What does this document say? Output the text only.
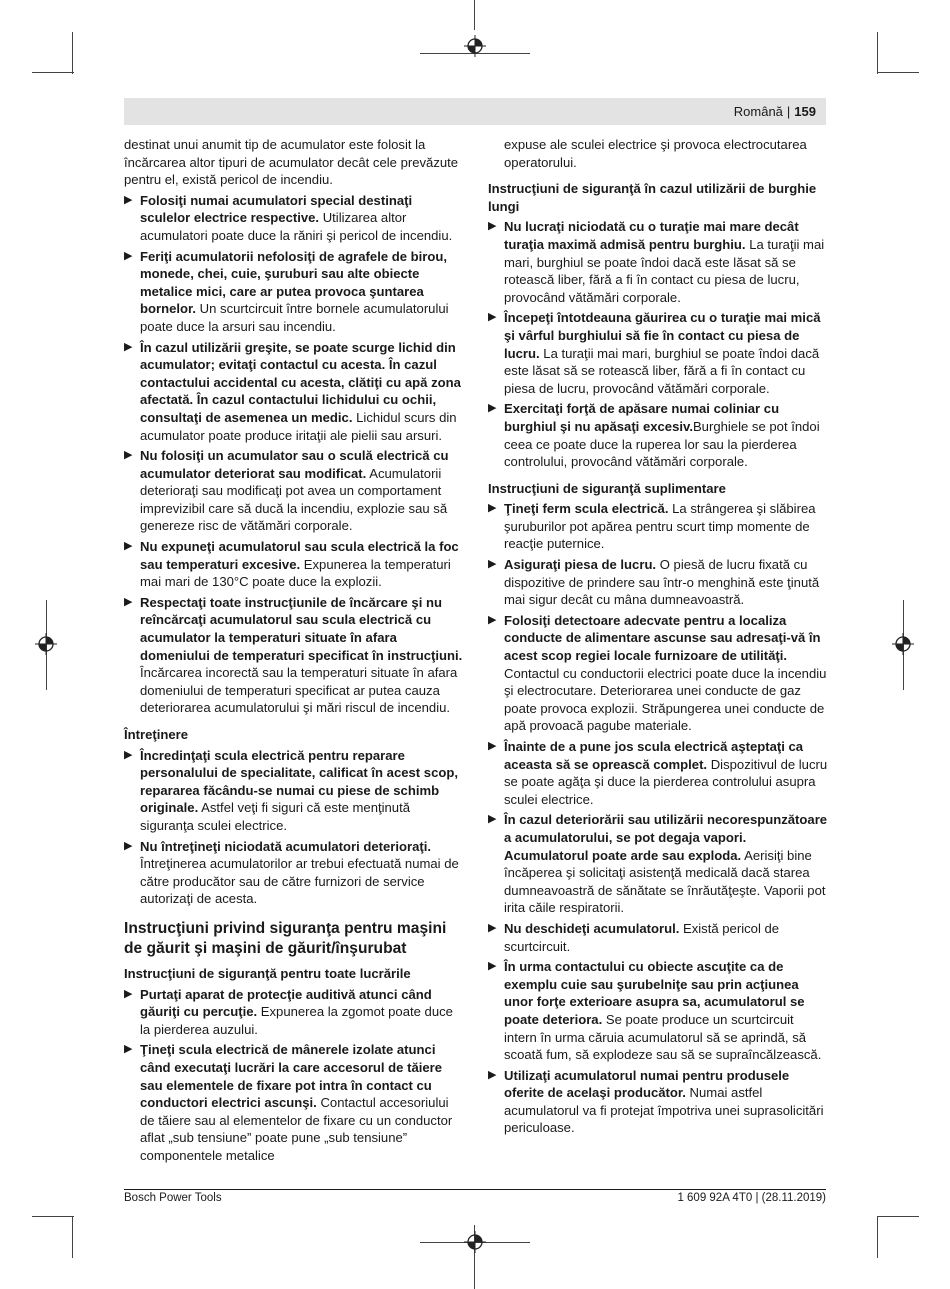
Română | 159

destinat unui anumit tip de acumulator este folosit la încărcarea altor tipuri de acumulator decât cele prevăzute pentru el, există pericol de incendiu.

▶ Folosiţi numai acumulatori special destinaţi sculelor electrice respective. Utilizarea altor acumulatori poate duce la răniri şi pericol de incendiu.
▶ Feriţi acumulatorii nefolosiţi de agrafele de birou, monede, chei, cuie, şuruburi sau alte obiecte metalice mici, care ar putea provoca şuntarea bornelor. Un scurtcircuit între bornele acumulatorului poate duce la arsuri sau incendiu.
▶ În cazul utilizării greşite, se poate scurge lichid din acumulator; evitaţi contactul cu acesta. În cazul contactului accidental cu acesta, clătiţi cu apă zona afectată. În cazul contactului lichidului cu ochii, consultaţi de asemenea un medic. Lichidul scurs din acumulator poate produce iritaţii ale pielii sau arsuri.
▶ Nu folosiţi un acumulator sau o sculă electrică cu acumulator deteriorat sau modificat. Acumulatorii deterioraţi sau modificaţi pot avea un comportament imprevizibil care să ducă la incendiu, explozie sau să genereze risc de vătămări corporale.
▶ Nu expuneţi acumulatorul sau scula electrică la foc sau temperaturi excesive. Expunerea la temperaturi mai mari de 130°C poate duce la explozii.
▶ Respectaţi toate instrucţiunile de încărcare şi nu reîncărcaţi acumulatorul sau scula electrică cu acumulator la temperaturi situate în afara domeniului de temperaturi specificat în instrucţiuni. Încărcarea incorectă sau la temperaturi situate în afara domeniului de temperaturi specificat ar putea cauza deteriorarea acumulatorului şi mări riscul de incendiu.
Întreţinere
▶ Încredinţaţi scula electrică pentru reparare personalului de specialitate, calificat în acest scop, repararea făcându-se numai cu piese de schimb originale. Astfel veţi fi siguri că este menţinută siguranţa sculei electrice.
▶ Nu întreţineţi niciodată acumulatori deterioraţi. Întreţinerea acumulatorilor ar trebui efectuată numai de către producător sau de către furnizori de service autorizaţi de acesta.
Instrucţiuni privind siguranţa pentru maşini de găurit şi maşini de găurit/înşurubat
Instrucţiuni de siguranţă pentru toate lucrările
▶ Purtaţi aparat de protecţie auditivă atunci când găuriţi cu percuţie. Expunerea la zgomot poate duce la pierderea auzului.
▶ Ţineţi scula electrică de mânerele izolate atunci când executaţi lucrări la care accesorul de tăiere sau elementele de fixare pot intra în contact cu conductori electrici ascunşi. Contactul accesoriului de tăiere sau al elementelor de fixare cu un conductor aflat „sub tensiune” poate pune „sub tensiune” componentele metalice

expuse ale sculei electrice şi provoca electrocutarea operatorului.

Instrucţiuni de siguranţă în cazul utilizării de burghie lungi
▶ Nu lucraţi niciodată cu o turaţie mai mare decât turaţia maximă admisă pentru burghiu. La turaţii mai mari, burghiul se poate îndoi dacă este lăsat să se rotească liber, fără a fi în contact cu piesa de lucru, provocând vătămări corporale.
▶ Începeţi întotdeauna găurirea cu o turaţie mai mică şi vârful burghiului să fie în contact cu piesa de lucru. La turaţii mai mari, burghiul se poate îndoi dacă este lăsat să se rotească liber, fără a fi în contact cu piesa de lucru, provocând vătămări corporale.
▶ Exercitaţi forţă de apăsare numai coliniar cu burghiul şi nu apăsaţi excesiv.Burghiele se pot îndoi ceea ce poate duce la ruperea lor sau la pierderea controlului, provocând vătămări corporale.
Instrucţiuni de siguranţă suplimentare
▶ Ţineţi ferm scula electrică. La strângerea şi slăbirea şuruburilor pot apărea pentru scurt timp momente de reacţie puternice.
▶ Asiguraţi piesa de lucru. O piesă de lucru fixată cu dispozitive de prindere sau într-o menghină este ţinută mai sigur decât cu mâna dumneavoastră.
▶ Folosiţi detectoare adecvate pentru a localiza conducte de alimentare ascunse sau adresaţi-vă în acest scop regiei locale furnizoare de utilităţi. Contactul cu conductorii electrici poate duce la incendiu şi electrocutare. Deteriorarea unei conducte de gaz poate provoca explozii. Străpungerea unei conducte de apă provoacă pagube materiale.
▶ Înainte de a pune jos scula electrică aşteptaţi ca aceasta să se oprească complet. Dispozitivul de lucru se poate agăţa şi duce la pierderea controlului asupra sculei electrice.
▶ În cazul deteriorării sau utilizării necorespunzătoare a acumulatorului, se pot degaja vapori. Acumulatorul poate arde sau exploda. Aerisiţi bine încăperea şi solicitaţi asistenţă medicală dacă starea dumneavoastră de sănătate se înrăutăţeşte. Vaporii pot irita căile respiratorii.
▶ Nu deschideţi acumulatorul. Există pericol de scurtcircuit.
▶ În urma contactului cu obiecte ascuţite ca de exemplu cuie sau şurubelniţe sau prin acţiunea unor forţe exterioare asupra sa, acumulatorul se poate deteriora. Se poate produce un scurtcircuit intern în urma căruia acumulatorul să se aprindă, să scoată fum, să explodeze sau să se supraîncălzească.
▶ Utilizaţi acumulatorul numai pentru produsele oferite de acelaşi producător. Numai astfel acumulatorul va fi protejat împotriva unei suprasolicitări periculoase.
Bosch Power Tools	1 609 92A 4T0 | (28.11.2019)
